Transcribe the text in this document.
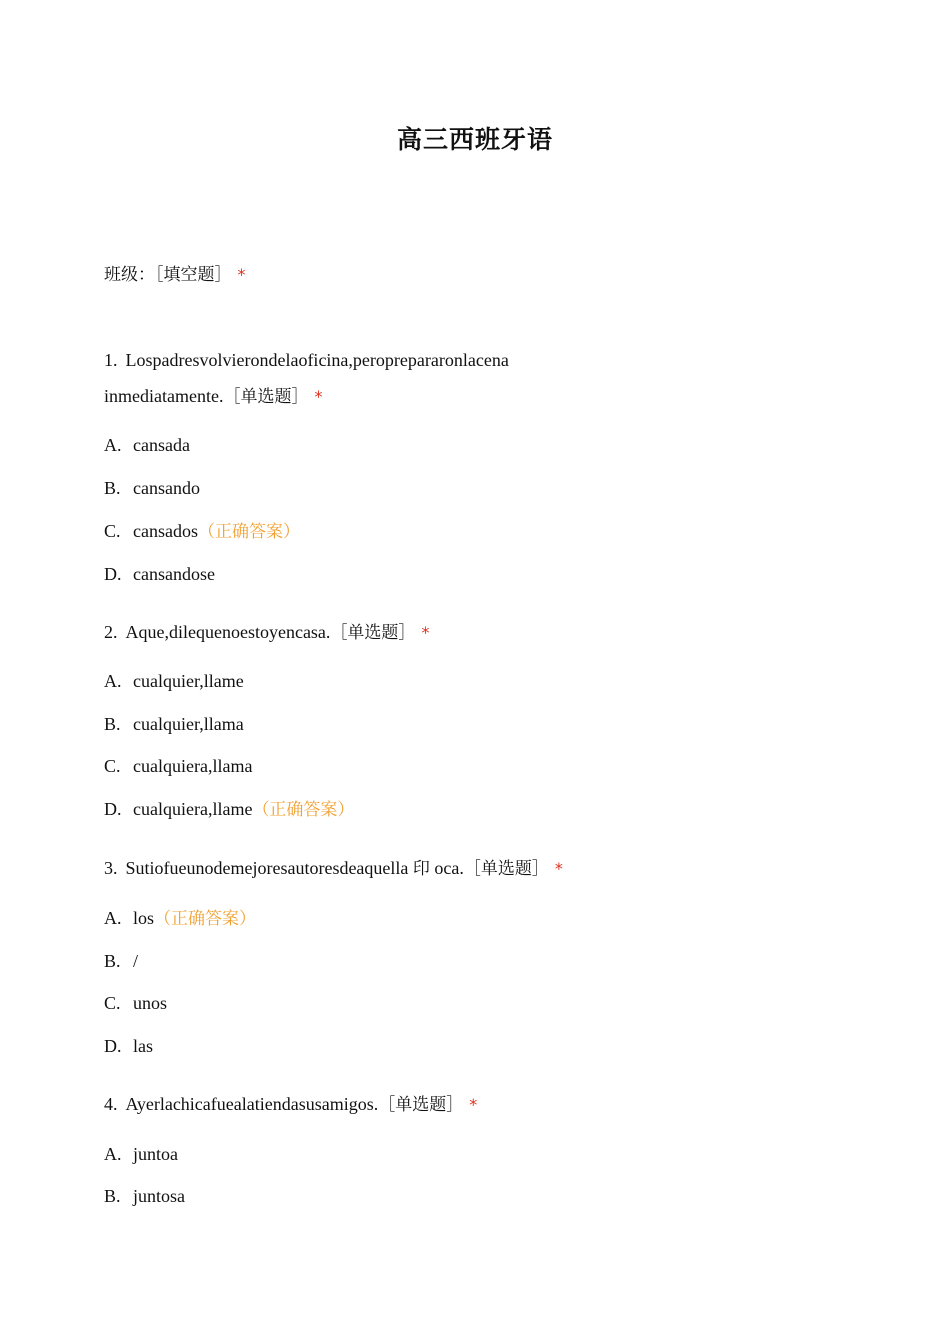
高三西班牙语
班级：［填空题］ *
1. Lospadresvolvierondelaoficina,peroprepararonlacena
inmediatamente.［单选题］ *
A. cansada
B. cansando
C. cansados（正确答案）
D. cansandose
2. Aque,dilequenoestoyencasa.［单选题］ *
A. cualquier,llame
B. cualquier,llama
C. cualquiera,llama
D. cualquiera,llame（正确答案）
3. Sutiofueunodemejoresautoresdeaquella 印 oca.［单选题］ *
A. los（正确答案）
B. /
C. unos
D. las
4. Ayerlachicafuealatiendasusamigos.［单选题］ *
A. juntoa
B. juntosa
